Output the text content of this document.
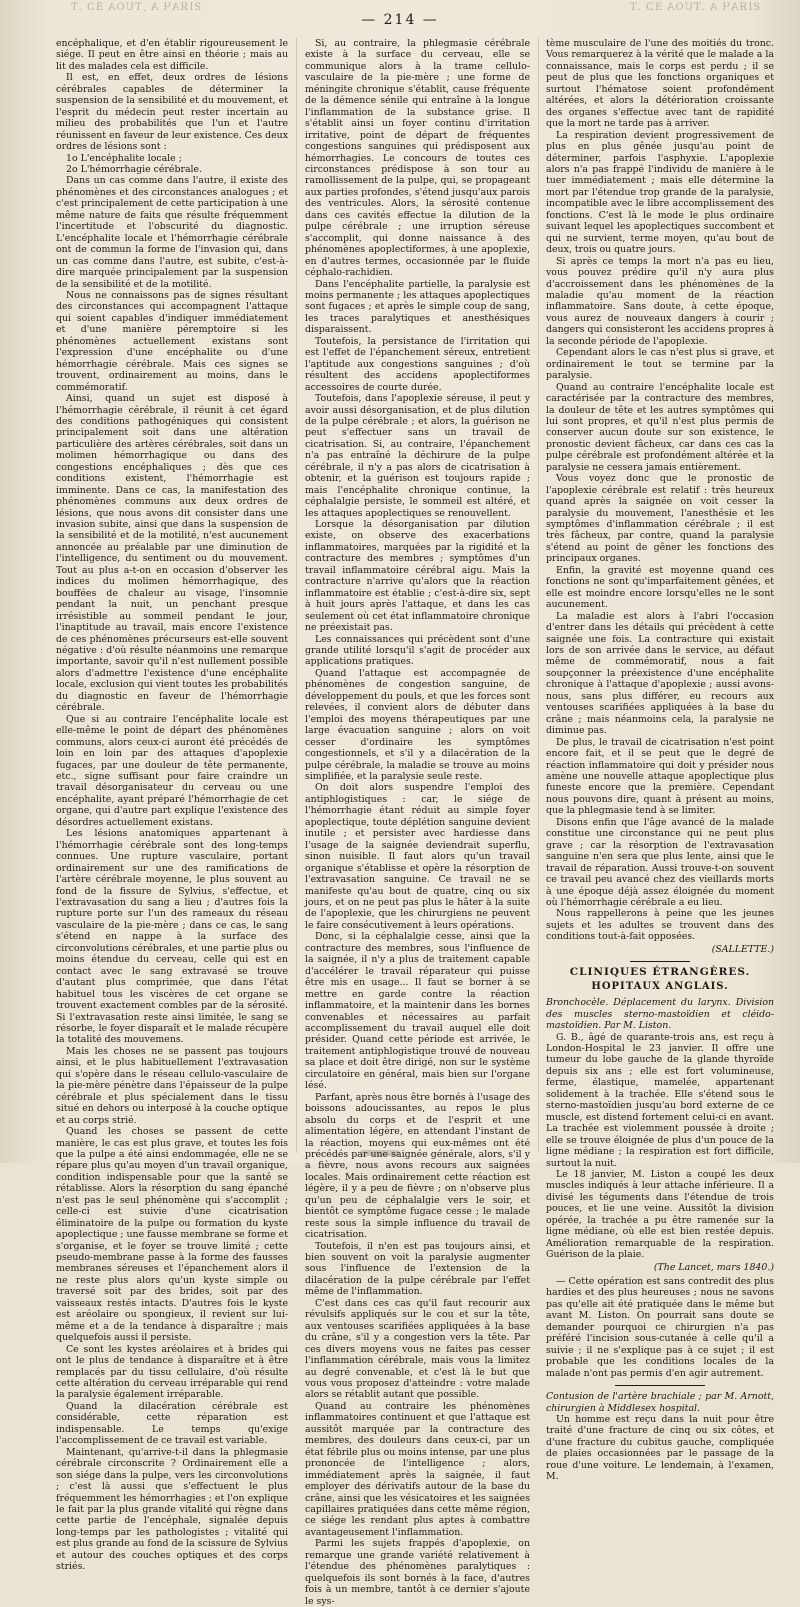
ƧIЯAЧ A ,TUOA ƎƆ .T	ƧIЯAЧ A .TUOA ƎƆ .T
— 214 —

encéphalique, et d'en établir rigoureusement le siége. Il peut en être ainsi en théorie ; mais au lit des malades cela est difficile.

Il est, en effet, deux ordres de lésions cérébrales capables de déterminer la suspension de la sensibilité et du mouvement, et l'esprit du médecin peut rester incertain au milieu des probabilités que l'un et l'autre réunissent en faveur de leur existence. Ces deux ordres de lésions sont :

1o L'encéphalite locale ;

2o L'hémorrhagie cérébrale.

Dans un cas comme dans l'autre, il existe des phénomènes et des circonstances analogues ; et c'est principalement de cette participation à une même nature de faits que résulte fréquemment l'incertitude et l'obscurité du diagnostic. L'encéphalite locale et l'hémorrhagie cérébrale ont de commun la forme de l'invasion qui, dans un cas comme dans l'autre, est subite, c'est-à-dire marquée principalement par la suspension de la sensibilité et de la motilité.

Nous ne connaissons pas de signes résultant des circonstances qui accompagnent l'attaque qui soient capables d'indiquer immédiatement et d'une manière péremptoire si les phénomènes actuellement existans sont l'expression d'une encéphalite ou d'une hémorrhagie cérébrale. Mais ces signes se trouvent, ordinairement au moins, dans le commémoratif.

Ainsi, quand un sujet est disposé à l'hémorrhagie cérébrale, il réunit à cet égard des conditions pathogéniques qui consistent principalement soit dans une altération particulière des artères cérébrales, soit dans un molimen hémorrhagique ou dans des congestions encéphaliques ; dès que ces conditions existent, l'hémorrhagie est imminente. Dans ce cas, la manifestation des phénomènes communs aux deux ordres de lésions, que nous avons dit consister dans une invasion subite, ainsi que dans la suspension de la sensibilité et de la motilité, n'est aucunement annoncée au préalable par une diminution de l'intelligence, du sentiment ou du mouvement. Tout au plus a-t-on en occasion d'observer les indices du molimen hémorrhagique, des bouffées de chaleur au visage, l'insomnie pendant la nuit, un penchant presque irrésistible au sommeil pendant le jour, l'inaptitude au travail, mais encore l'existence de ces phénomènes précurseurs est-elle souvent négative : d'où résulte néanmoins une remarque importante, savoir qu'il n'est nullement possible alors d'admettre l'existence d'une encéphalite locale, exclusion qui vient toutes les probabilités du diagnostic en faveur de l'hémorrhagie cérébrale.

Que si au contraire l'encéphalite locale est elle-même le point de départ des phénomènes communs, alors ceux-ci auront été précédés de loin en loin par des attaques d'apoplexie fugaces, par une douleur de tête permanente, etc., signe suffisant pour faire craindre un travail désorganisateur du cerveau ou une encéphalite, ayant préparé l'hémorrhagie de cet organe, qui d'autre part explique l'existence des désordres actuellement existans.

Les lésions anatomiques appartenant à l'hémorrhagie cérébrale sont des long-temps connues. Une rupture vasculaire, portant ordinairement sur une des ramifications de l'artère cérébrale moyenne, le plus souvent au fond de la fissure de Sylvius, s'effectue, et l'extravasation du sang a lieu ; d'autres fois la rupture porte sur l'un des rameaux du réseau vasculaire de la pie-mère ; dans ce cas, le sang s'étend en nappe à la surface des circonvolutions cérébrales, et une partie plus ou moins étendue du cerveau, celle qui est en contact avec le sang extravasé se trouve d'autant plus comprimée, que dans l'état habituel tous les viscères de cet organe se trouvent exactement combles par de la sérosité. Si l'extravasation reste ainsi limitée, le sang se résorbe, le foyer disparaît et le malade récupère la totalité des mouvemens.

Mais les choses ne se passent pas toujours ainsi, et le plus habituellement l'extravasation qui s'opère dans le réseau cellulo-vasculaire de la pie-mère pénètre dans l'épaisseur de la pulpe cérébrale et plus spécialement dans le tissu situé en dehors ou interposé à la couche optique et au corps strié.

Quand les choses se passent de cette manière, le cas est plus grave, et toutes les fois que la pulpe a été ainsi endommagée, elle ne se répare plus qu'au moyen d'un travail organique, condition indispensable pour que la santé se rétablisse. Alors la résorption du sang épanché n'est pas le seul phénomène qui s'accomplit ; celle-ci est suivie d'une cicatrisation éliminatoire de la pulpe ou formation du kyste apoplectique ; une fausse membrane se forme et s'organise, et le foyer se trouve limité ; cette pseudo-membrane passe à la forme des fausses membranes séreuses et l'épanchement alors il ne reste plus alors qu'un kyste simple ou traversé soit par des brides, soit par des vaisseaux restés intacts. D'autres fois le kyste est aréolaire ou spongieux, il revient sur lui-même et a de la tendance à disparaître ; mais quelquefois aussi il persiste.

Ce sont les kystes aréolaires et à brides qui ont le plus de tendance à disparaître et à être remplacés par du tissu cellulaire, d'où résulte cette altération du cerveau irréparable qui rend la paralysie également irréparable.

Quand la dilacération cérébrale est considérable, cette réparation est indispensable. Le temps qu'exige l'accomplissement de ce travail est variable.

Maintenant, qu'arrive-t-il dans la phlegmasie cérébrale circonscrite ? Ordinairement elle a son siége dans la pulpe, vers les circonvolutions ; c'est là aussi que s'effectuent le plus fréquemment les hémorrhagies ; et l'on explique le fait par la plus grande vitalité qui règne dans cette partie de l'encéphale, signalée depuis long-temps par les pathologistes ; vitalité qui est plus grande au fond de la scissure de Sylvius et autour des couches optiques et des corps striés.

Si, au contraire, la phlegmasie cérébrale existe à la surface du cerveau, elle se communique alors à la trame cellulo-vasculaire de la pie-mère ; une forme de méningite chronique s'établit, cause fréquente de la démence sénile qui entraîne à la longue l'inflammation de la substance grise. Il s'établit ainsi un foyer continu d'irritation irritative, point de départ de fréquentes congestions sanguines qui prédisposent aux hémorrhagies. Le concours de toutes ces circonstances prédispose à son tour au ramollissement de la pulpe, qui, se propageant aux parties profondes, s'étend jusqu'aux parois des ventricules. Alors, la sérosité contenue dans ces cavités effectue la dilution de la pulpe cérébrale ; une irruption séreuse s'accomplit, qui donne naissance à des phénomènes apoplectiformes, à une apoplexie, en d'autres termes, occasionnée par le fluide céphalo-rachidien.

Dans l'encéphalite partielle, la paralysie est moins permanente ; les attaques apoplectiques sont fugaces ; et après le simple coup de sang, les traces paralytiques et anesthésiques disparaissent.

Toutefois, la persistance de l'irritation qui est l'effet de l'épanchement séreux, entretient l'aptitude aux congestions sanguines ; d'où résultent des accidens apoplectiformes accessoires de courte durée.

Toutefois, dans l'apoplexie séreuse, il peut y avoir aussi désorganisation, et de plus dilution de la pulpe cérébrale ; et alors, la guérison ne peut s'effectuer sans un travail de cicatrisation. Si, au contraire, l'épanchement n'a pas entraîné la déchirure de la pulpe cérébrale, il n'y a pas alors de cicatrisation à obtenir, et la guérison est toujours rapide ; mais l'encéphalite chronique continue, la céphalalgie persiste, le sommeil est altéré, et les attaques apoplectiques se renouvellent.

Lorsque la désorganisation par dilution existe, on observe des exacerbations inflammatoires, marquées par la rigidité et la contracture des membres ; symptômes d'un travail inflammatoire cérébral aigu. Mais la contracture n'arrive qu'alors que la réaction inflammatoire est établie ; c'est-à-dire six, sept à huit jours après l'attaque, et dans les cas seulement où cet état inflammatoire chronique ne préexistait pas.

Les connaissances qui précèdent sont d'une grande utilité lorsqu'il s'agit de procéder aux applications pratiques.

Quand l'attaque est accompagnée de phénomènes de congestion sanguine, de développement du pouls, et que les forces sont relevées, il convient alors de débuter dans l'emploi des moyens thérapeutiques par une large évacuation sanguine ; alors on voit cesser d'ordinaire les symptômes congestionnels, et s'il y a dilacération de la pulpe cérébrale, la maladie se trouve au moins simplifiée, et la paralysie seule reste.

On doit alors suspendre l'emploi des antiphlogistiques : car, le siége de l'hémorrhagie étant réduit au simple foyer apoplectique, toute déplétion sanguine devient inutile ; et persister avec hardiesse dans l'usage de la saignée deviendrait superflu, sinon nuisible. Il faut alors qu'un travail organique s'établisse et opère la résorption de l'extravasation sanguine. Ce travail ne se manifeste qu'au bout de quatre, cinq ou six jours, et on ne peut pas plus le hâter à la suite de l'apoplexie, que les chirurgiens ne peuvent le faire consécutivement à leurs opérations.

Donc, si la céphalalgie cesse, ainsi que la contracture des membres, sous l'influence de la saignée, il n'y a plus de traitement capable d'accélérer le travail réparateur qui puisse être mis en usage... Il faut se borner à se mettre en garde contre la réaction inflammatoire, et la maintenir dans les bornes convenables et nécessaires au parfait accomplissement du travail auquel elle doit présider. Quand cette période est arrivée, le traitement antiphlogistique trouvé de nouveau sa place et doit être dirigé, non sur le système circulatoire en général, mais bien sur l'organe lésé.

Parfant, après nous être bornés à l'usage des boissons adoucissantes, au repos le plus absolu du corps et de l'esprit et une alimentation légère, en attendant l'instant de la réaction, moyens qui eux-mêmes ont été précédés par une saignée générale, alors, s'il y a fièvre, nous avons recours aux saignées locales. Mais ordinairement cette réaction est légère, il y a peu de fièvre ; on n'observe plus qu'un peu de céphalalgie vers le soir, et bientôt ce symptôme fugace cesse ; le malade reste sous la simple influence du travail de cicatrisation.

Toutefois, il n'en est pas toujours ainsi, et bien souvent on voit la paralysie augmenter sous l'influence de l'extension de la dilacération de la pulpe cérébrale par l'effet même de l'inflammation.

C'est dans ces cas qu'il faut recourir aux révulsifs appliqués sur le cou et sur la tête, aux ventouses scarifiées appliquées à la base du crâne, s'il y a congestion vers la tête. Par ces divers moyens vous ne faites pas cesser l'inflammation cérébrale, mais vous la limitez au degré convenable, et c'est là le but que vous vous proposez d'atteindre : votre malade alors se rétablit autant que possible.

Quand au contraire les phénomènes inflammatoires continuent et que l'attaque est aussitôt marquée par la contracture des membres, des douleurs dans ceux-ci, par un état fébrile plus ou moins intense, par une plus prononcée de l'intelligence ; alors, immédiatement après la saignée, il faut employer des dérivatifs autour de la base du crâne, ainsi que les vésicatoires et les saignées capillaires pratiquées dans cette même région, ce siége les rendant plus aptes à combattre avantageusement l'inflammation.

Parmi les sujets frappés d'apoplexie, on remarque une grande variété relativement à l'étendue des phénomènes paralytiques : quelquefois ils sont bornés à la face, d'autres fois à un membre, tantôt à ce dernier s'ajoute le sys-

tème musculaire de l'une des moitiés du tronc. Vous remarquerez à la vérité que le malade a la connaissance, mais le corps est perdu ; il se peut de plus que les fonctions organiques et surtout l'hématose soient profondément altérées, et alors la détérioration croissante des organes s'effectue avec tant de rapidité que la mort ne tarde pas à arriver.

La respiration devient progressivement de plus en plus gênée jusqu'au point de déterminer, parfois l'asphyxie. L'apoplexie alors n'a pas frappé l'individu de manière à le tuer immédiatement ; mais elle détermine la mort par l'étendue trop grande de la paralysie, incompatible avec le libre accomplissement des fonctions. C'est là le mode le plus ordinaire suivant lequel les apoplectiques succombent et qui ne survient, terme moyen, qu'au bout de deux, trois ou quatre jours.

Si après ce temps la mort n'a pas eu lieu, vous pouvez prédire qu'il n'y aura plus d'accroissement dans les phénomènes de la maladie qu'au moment de la réaction inflammatoire. Sans doute, à cette époque, vous aurez de nouveaux dangers à courir ; dangers qui consisteront les accidens propres à la seconde période de l'apoplexie.

Cependant alors le cas n'est plus si grave, et ordinairement le tout se termine par la paralysie.

Quand au contraire l'encéphalite locale est caractérisée par la contracture des membres, la douleur de tête et les autres symptômes qui lui sont propres, et qu'il n'est plus permis de conserver aucun doute sur son existence, le pronostic devient fâcheux, car dans ces cas la pulpe cérébrale est profondément altérée et la paralysie ne cessera jamais entièrement.

Vous voyez donc que le pronostic de l'apoplexie cérébrale est relatif : très heureux quand après la saignée on voit cesser la paralysie du mouvement, l'anesthésie et les symptômes d'inflammation cérébrale ; il est très fâcheux, par contre, quand la paralysie s'étend au point de gêner les fonctions des principaux organes.

Enfin, la gravité est moyenne quand ces fonctions ne sont qu'imparfaitement gênées, et elle est moindre encore lorsqu'elles ne le sont aucunement.

La maladie est alors à l'abri l'occasion d'entrer dans les détails qui précèdent à cette saignée une fois. La contracture qui existait lors de son arrivée dans le service, au défaut même de commémoratif, nous a fait soupçonner la préexistence d'une encéphalite chronique à l'attaque d'apoplexie ; aussi avons-nous, sans plus différer, eu recours aux ventouses scarifiées appliquées à la base du crâne ; mais néanmoins cela, la paralysie ne diminue pas.

De plus, le travail de cicatrisation n'est point encore fait, et il se peut que le degré de réaction inflammatoire qui doit y présider nous amène une nouvelle attaque apoplectique plus funeste encore que la première. Cependant nous pouvons dire, quant à présent au moins, que la phlegmasie tend à se limiter.

Disons enfin que l'âge avancé de la malade constitue une circonstance qui ne peut plus grave ; car la résorption de l'extravasation sanguine n'en sera que plus lente, ainsi que le travail de réparation. Aussi trouve-t-on souvent ce travail peu avancé chez des vieillards morts à une époque déjà assez éloignée du moment où l'hémorrhagie cérébrale a eu lieu.

Nous rappellerons à peine que les jeunes sujets et les adultes se trouvent dans des conditions tout-à-fait opposées.

(SALLETTE.)
CLINIQUES ÉTRANGÈRES.
HOPITAUX ANGLAIS.

Bronchocèle. Déplacement du larynx. Division des muscles sterno-mastoïdien et cléido-mastoïdien. Par M. Liston.

G. B., âgé de quarante-trois ans, est reçu à London-Hospital le 23 janvier. Il offre une tumeur du lobe gauche de la glande thyroïde depuis six ans ; elle est fort volumineuse, ferme, élastique, mamelée, appartenant solidement à la trachée. Elle s'étend sous le sterno-mastoïdien jusqu'au bord externe de ce muscle, est distend fortement celui-ci en avant. La trachée est violemment poussée à droite ; elle se trouve éloignée de plus d'un pouce de la ligne médiane ; la respiration est fort difficile, surtout la nuit.

Le 18 janvier, M. Liston a coupé les deux muscles indiqués à leur attache inférieure. Il a divisé les téguments dans l'étendue de trois pouces, et lie une veine. Aussitôt la division opérée, la trachée a pu être ramenée sur la ligne médiane, où elle est bien restée depuis. Amélioration remarquable de la respiration. Guérison de la plaie.

(The Lancet, mars 1840.)

— Cette opération est sans contredit des plus hardies et des plus heureuses ; nous ne savons pas qu'elle ait été pratiquée dans le même but avant M. Liston. On pourrait sans doute se demander pourquoi ce chirurgien n'a pas préféré l'incision sous-cutanée à celle qu'il a suivie ; il ne s'explique pas à ce sujet ; il est probable que les conditions locales de la malade n'ont pas permis d'en agir autrement.

Contusion de l'artère brachiale ; par M. Arnott, chirurgien à Middlesex hospital.

Un homme est reçu dans la nuit pour être traité d'une fracture de cinq ou six côtes, et d'une fracture du cubitus gauche, compliquée de plaies occasionnées par le passage de la roue d'une voiture. Le lendemain, à l'examen, M.
